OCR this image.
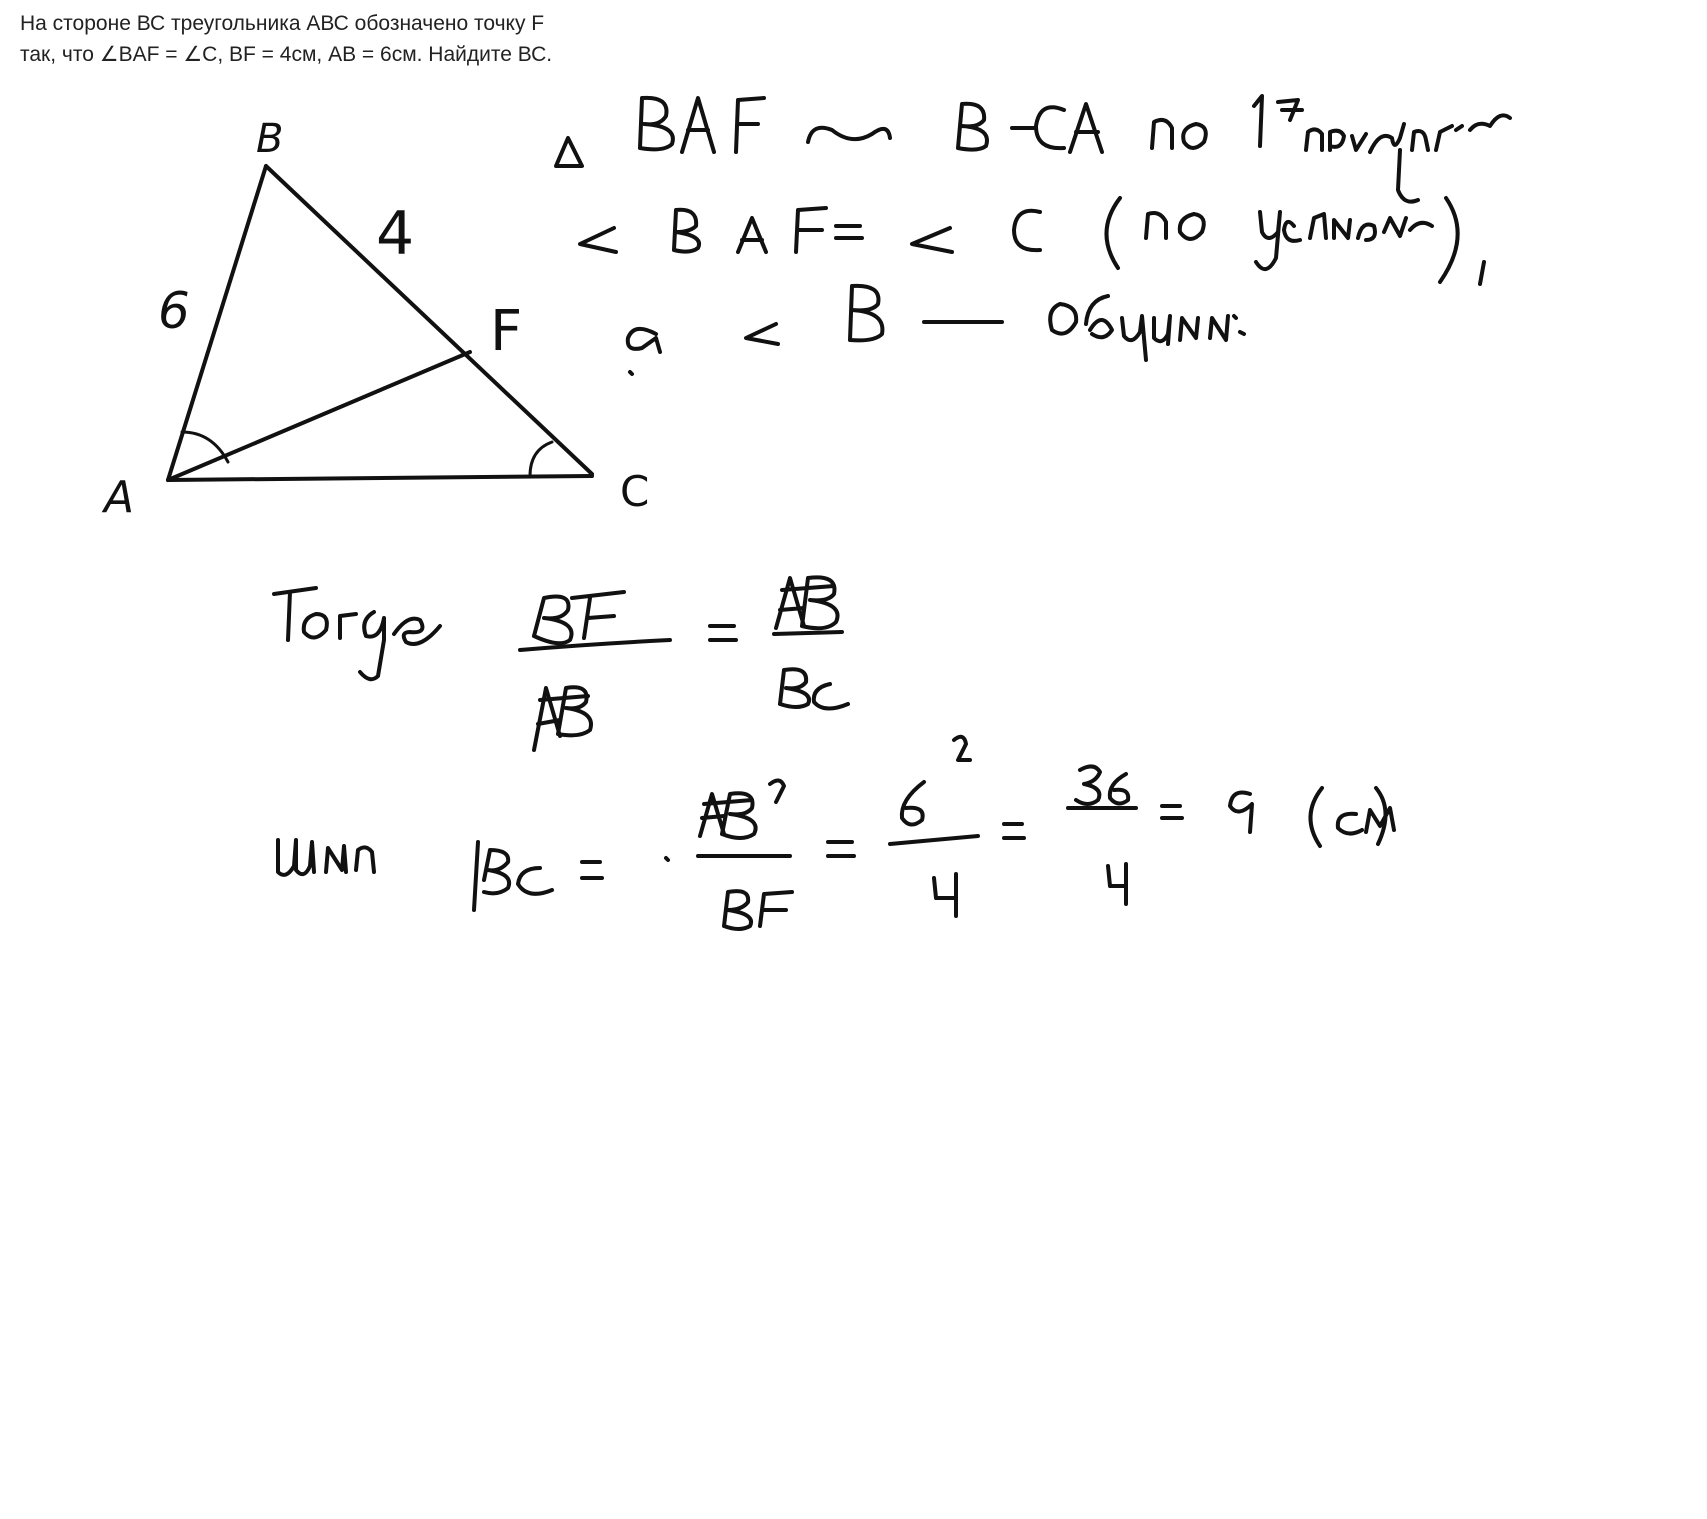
На стороне ВС треугольника АВС обозначено точку F
так, что ∠BAF = ∠C, BF = 4см, AB = 6см. Найдите ВС.
B
A	C
F
6
4
